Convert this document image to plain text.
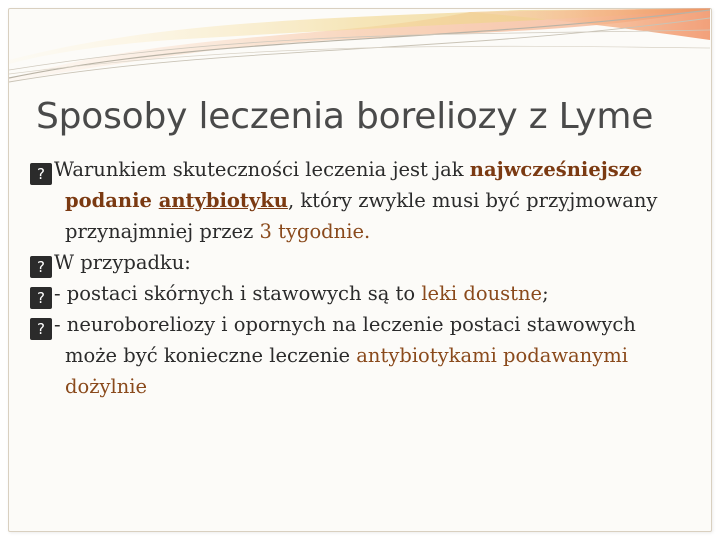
Sposoby leczenia boreliozy z Lyme

? Warunkiem skuteczności leczenia jest jak najwcześniejsze podanie antybiotyku, który zwykle musi być przyjmowany przynajmniej przez 3 tygodnie.

? W przypadku:

? - postaci skórnych i stawowych są to leki doustne;

? - neuroboreliozy i opornych na leczenie postaci stawowych może być konieczne leczenie antybiotykami podawanymi dożylnie
